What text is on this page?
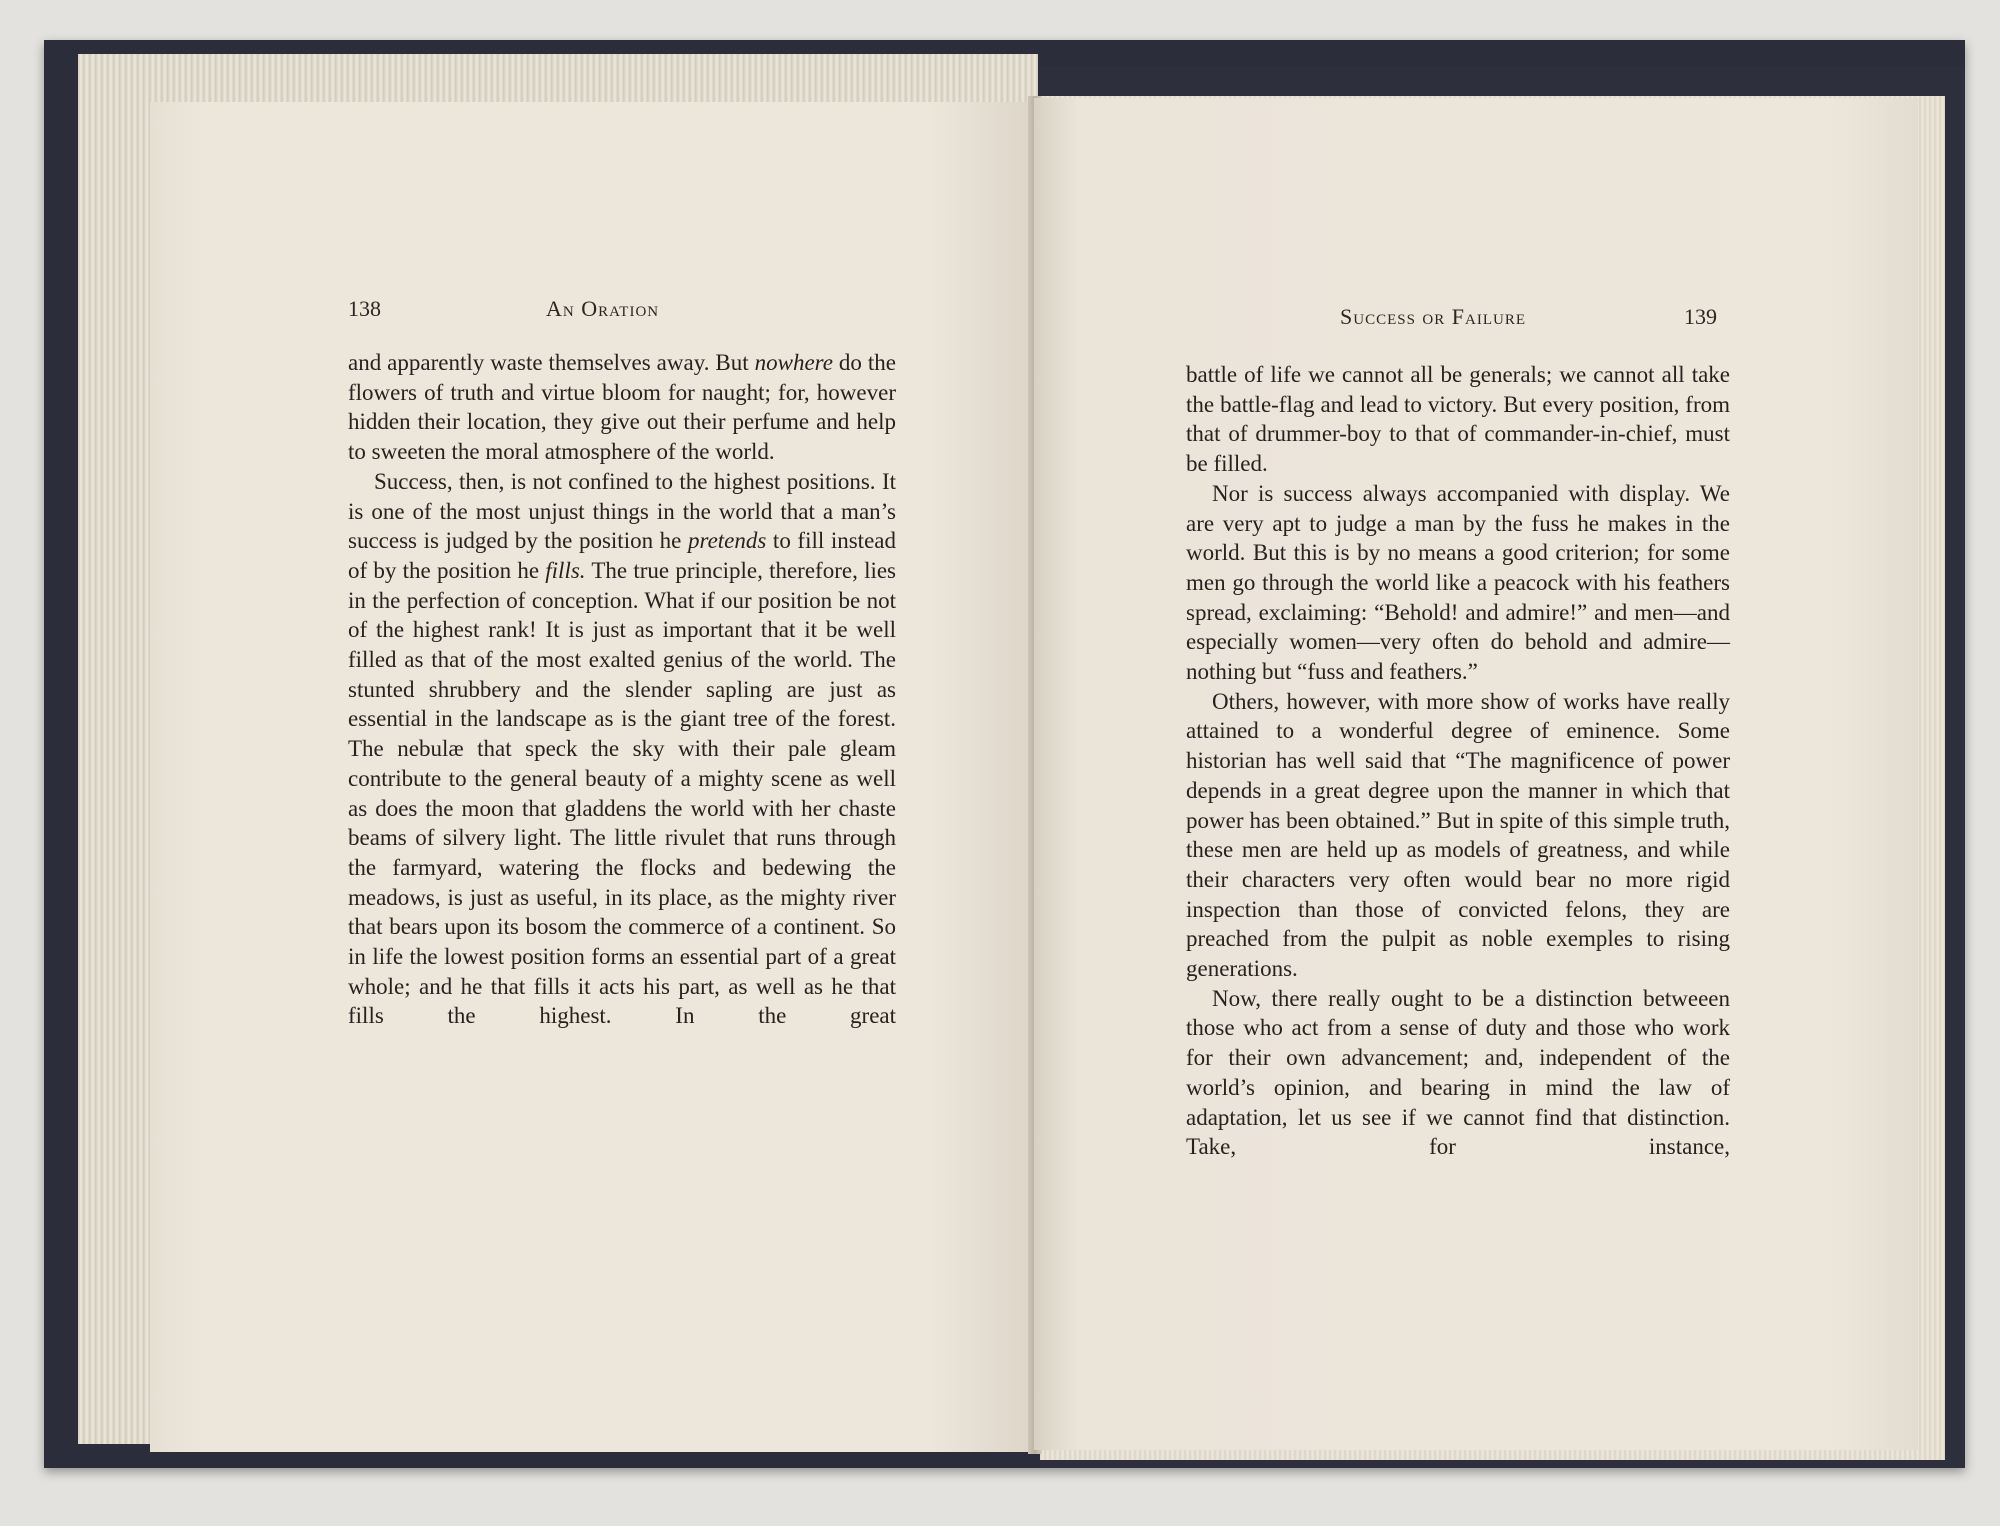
138	An Oration

and apparently waste themselves away. But nowhere do the flowers of truth and virtue bloom for naught; for, however hidden their location, they give out their perfume and help to sweeten the moral atmosphere of the world.

Success, then, is not confined to the highest positions. It is one of the most unjust things in the world that a man’s success is judged by the position he pretends to fill instead of by the position he fills. The true principle, therefore, lies in the perfection of conception. What if our position be not of the highest rank! It is just as important that it be well filled as that of the most exalted genius of the world. The stunted shrubbery and the slender sapling are just as essential in the landscape as is the giant tree of the forest. The nebulæ that speck the sky with their pale gleam contribute to the general beauty of a mighty scene as well as does the moon that gladdens the world with her chaste beams of silvery light. The little rivulet that runs through the farmyard, watering the flocks and bedewing the meadows, is just as useful, in its place, as the mighty river that bears upon its bosom the commerce of a continent. So in life the lowest position forms an essential part of a great whole; and he that fills it acts his part, as well as he that fills the highest. In the great

Success or Failure	139

battle of life we cannot all be generals; we cannot all take the battle-flag and lead to victory. But every position, from that of drummer-boy to that of commander-in-chief, must be filled.

Nor is success always accompanied with display. We are very apt to judge a man by the fuss he makes in the world. But this is by no means a good criterion; for some men go through the world like a peacock with his feathers spread, exclaiming: “Behold! and admire!” and men—and especially women—very often do behold and admire—nothing but “fuss and feathers.”

Others, however, with more show of works have really attained to a wonderful degree of eminence. Some historian has well said that “The magnificence of power depends in a great degree upon the manner in which that power has been obtained.” But in spite of this simple truth, these men are held up as models of greatness, and while their characters very often would bear no more rigid inspection than those of convicted felons, they are preached from the pulpit as noble exemples to rising generations.

Now, there really ought to be a distinction betweeen those who act from a sense of duty and those who work for their own advancement; and, independent of the world’s opinion, and bearing in mind the law of adaptation, let us see if we cannot find that distinction. Take, for instance,
